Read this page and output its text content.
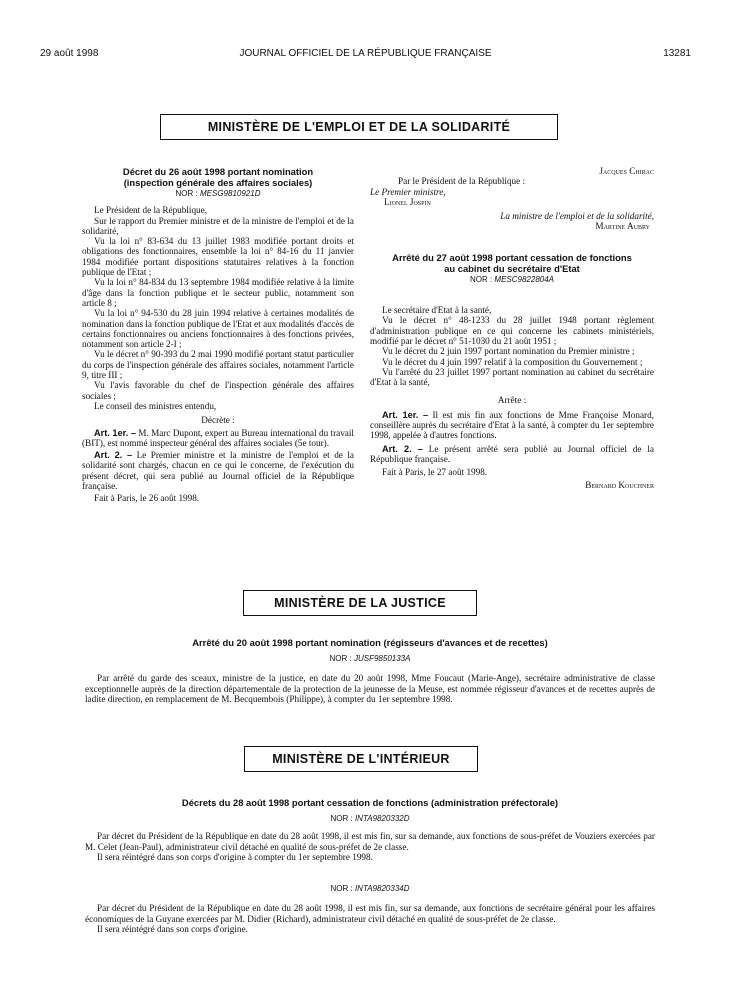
29 août 1998	JOURNAL OFFICIEL DE LA RÉPUBLIQUE FRANÇAISE	13281
MINISTÈRE DE L'EMPLOI ET DE LA SOLIDARITÉ
Décret du 26 août 1998 portant nomination
(inspection générale des affaires sociales)
NOR : MESG9810921D

Le Président de la République,

Sur le rapport du Premier ministre et de la ministre de l'emploi et de la solidarité,

Vu la loi n° 83-634 du 13 juillet 1983 modifiée portant droits et obligations des fonctionnaires, ensemble la loi n° 84-16 du 11 janvier 1984 modifiée portant dispositions statutaires relatives à la fonction publique de l'Etat ;

Vu la loi n° 84-834 du 13 septembre 1984 modifiée relative à la limite d'âge dans la fonction publique et le secteur public, notamment son article 8 ;

Vu la loi n° 94-530 du 28 juin 1994 relative à certaines modalités de nomination dans la fonction publique de l'Etat et aux modalités d'accès de certains fonctionnaires ou anciens fonctionnaires à des fonctions privées, notamment son article 2-I ;

Vu le décret n° 90-393 du 2 mai 1990 modifié portant statut particulier du corps de l'inspection générale des affaires sociales, notamment l'article 9, titre III ;

Vu l'avis favorable du chef de l'inspection générale des affaires sociales ;

Le conseil des ministres entendu,

Décrète :

Art. 1er. – M. Marc Dupont, expert au Bureau international du travail (BIT), est nommé inspecteur général des affaires sociales (5e tour).

Art. 2. – Le Premier ministre et la ministre de l'emploi et de la solidarité sont chargés, chacun en ce qui le concerne, de l'exécution du présent décret, qui sera publié au Journal officiel de la République française.

Fait à Paris, le 26 août 1998.

Jacques Chirac
Par le Président de la République :
Le Premier ministre,
Lionel Jospin
La ministre de l'emploi et de la solidarité,
Martine Aubry
Arrêté du 27 août 1998 portant cessation de fonctions
au cabinet du secrétaire d'Etat
NOR : MESC9822804A

Le secrétaire d'Etat à la santé,

Vu le décret n° 48-1233 du 28 juillet 1948 portant règlement d'administration publique en ce qui concerne les cabinets ministériels, modifié par le décret n° 51-1030 du 21 août 1951 ;

Vu le décret du 2 juin 1997 portant nomination du Premier ministre ;

Vu le décret du 4 juin 1997 relatif à la composition du Gouvernement ;

Vu l'arrêté du 23 juillet 1997 portant nomination au cabinet du secrétaire d'Etat à la santé,

Arrête :

Art. 1er. – Il est mis fin aux fonctions de Mme Françoise Monard, conseillère auprès du secrétaire d'Etat à la santé, à compter du 1er septembre 1998, appelée à d'autres fonctions.

Art. 2. – Le présent arrêté sera publié au Journal officiel de la République française.

Fait à Paris, le 27 août 1998.

Bernard Kouchner
MINISTÈRE DE LA JUSTICE
Arrêté du 20 août 1998 portant nomination (régisseurs d'avances et de recettes)
NOR : JUSF9850133A

Par arrêté du garde des sceaux, ministre de la justice, en date du 20 août 1998, Mme Foucaut (Marie-Ange), secrétaire administrative de classe exceptionnelle auprès de la direction départementale de la protection de la jeunesse de la Meuse, est nommée régisseur d'avances et de recettes auprès de ladite direction, en remplacement de M. Becquembois (Philippe), à compter du 1er septembre 1998.

MINISTÈRE DE L'INTÉRIEUR
Décrets du 28 août 1998 portant cessation de fonctions (administration préfectorale)
NOR : INTA9820332D

Par décret du Président de la République en date du 28 août 1998, il est mis fin, sur sa demande, aux fonctions de sous-préfet de Vouziers exercées par M. Celet (Jean-Paul), administrateur civil détaché en qualité de sous-préfet de 2e classe.

Il sera réintégré dans son corps d'origine à compter du 1er septembre 1998.

NOR : INTA9820334D

Par décret du Président de la République en date du 28 août 1998, il est mis fin, sur sa demande, aux fonctions de secrétaire général pour les affaires économiques de la Guyane exercées par M. Didier (Richard), administrateur civil détaché en qualité de sous-préfet de 2e classe.

Il sera réintégré dans son corps d'origine.
